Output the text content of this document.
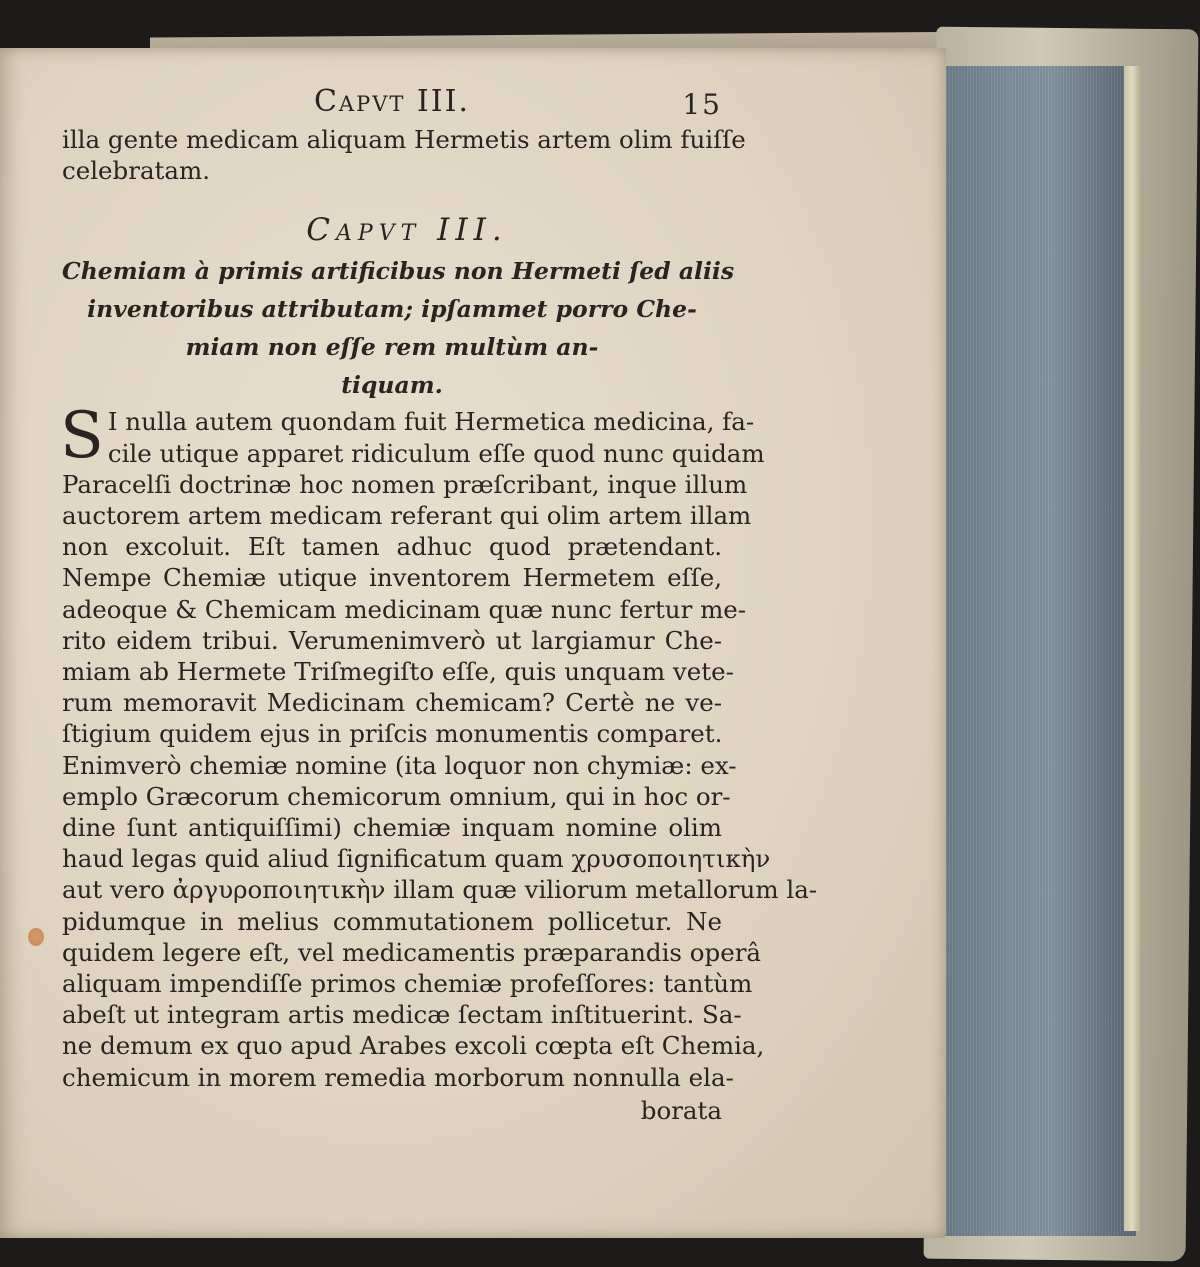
Capvt III.	15
illa gente medicam aliquam Hermetis artem olim fuiſſe
celebratam.
Capvt III.
Chemiam à primis artificibus non Hermeti ſed aliis
inventoribus attributam; ipſammet porro Che-
miam non eſſe rem multùm an-
tiquam.
S I nulla autem quondam fuit Hermetica medicina, fa-
cile utique apparet ridiculum eſſe quod nunc quidam
Paracelſi doctrinæ hoc nomen præſcribant, inque illum
auctorem artem medicam referant qui olim artem illam
non excoluit. Eſt tamen adhuc quod prætendant.
Nempe Chemiæ utique inventorem Hermetem eſſe,
adeoque & Chemicam medicinam quæ nunc fertur me-
rito eidem tribui. Verumenimverò ut largiamur Che-
miam ab Hermete Triſmegiſto eſſe, quis unquam vete-
rum memoravit Medicinam chemicam? Certè ne ve-
ſtigium quidem ejus in priſcis monumentis comparet.
Enimverò chemiæ nomine (ita loquor non chymiæ: ex-
emplo Græcorum chemicorum omnium, qui in hoc or-
dine ſunt antiquiſſimi) chemiæ inquam nomine olim
haud legas quid aliud ſignificatum quam χρυσοποιητικὴν
aut vero ἀργυροποιητικὴν illam quæ viliorum metallorum la-
pidumque in melius commutationem pollicetur. Ne
quidem legere eſt, vel medicamentis præparandis operâ
aliquam impendiſſe primos chemiæ profeſſores: tantùm
abeſt ut integram artis medicæ ſectam inſtituerint. Sa-
ne demum ex quo apud Arabes excoli cœpta eſt Chemia,
chemicum in morem remedia morborum nonnulla ela-
borata
